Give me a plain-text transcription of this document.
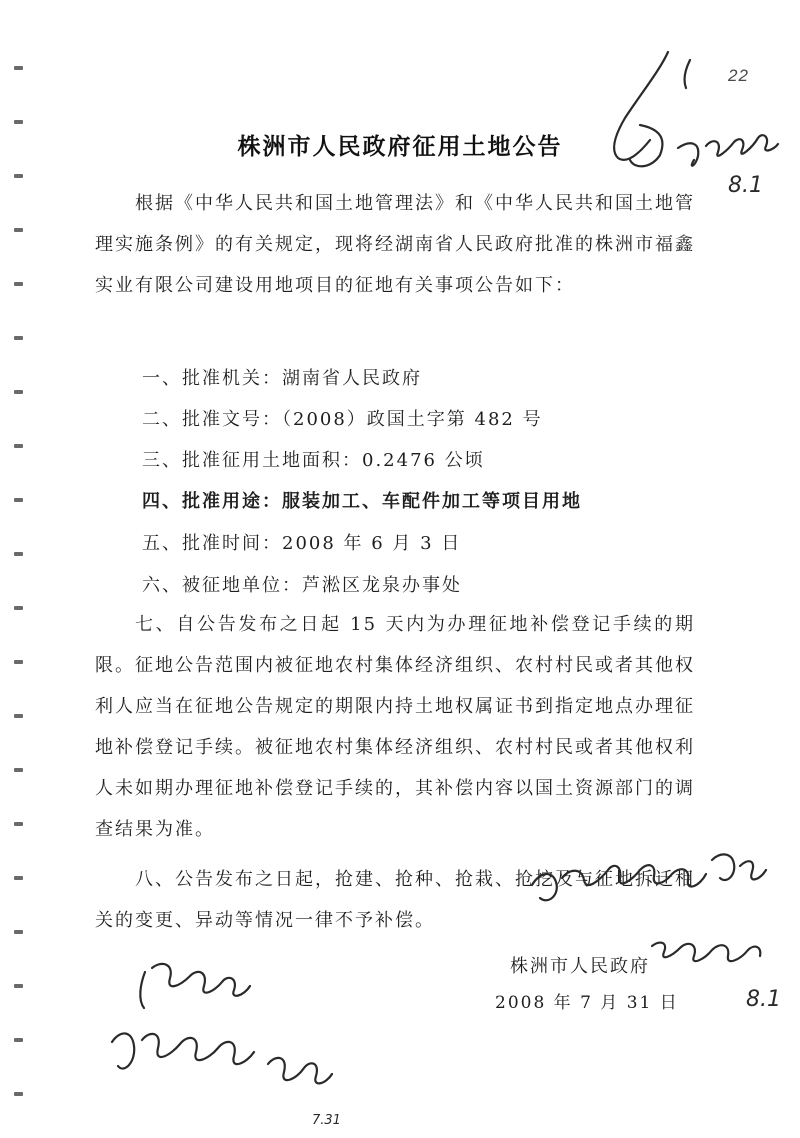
22
株洲市人民政府征用土地公告

根据《中华人民共和国土地管理法》和《中华人民共和国土地管理实施条例》的有关规定，现将经湖南省人民政府批准的株洲市福鑫实业有限公司建设用地项目的征地有关事项公告如下：

一、批准机关：湖南省人民政府
二、批准文号：（2008）政国土字第 482 号
三、批准征用土地面积：0.2476 公顷
四、批准用途：服装加工、车配件加工等项目用地
五、批准时间：2008 年 6 月 3 日
六、被征地单位：芦淞区龙泉办事处

七、自公告发布之日起 15 天内为办理征地补偿登记手续的期限。征地公告范围内被征地农村集体经济组织、农村村民或者其他权利人应当在征地公告规定的期限内持土地权属证书到指定地点办理征地补偿登记手续。被征地农村集体经济组织、农村村民或者其他权利人未如期办理征地补偿登记手续的，其补偿内容以国土资源部门的调查结果为准。

八、公告发布之日起，抢建、抢种、抢栽、抢挖及与征地拆迁相关的变更、异动等情况一律不予补偿。

株洲市人民政府
2008 年 7 月 31 日
8.1
8.1
7.31
